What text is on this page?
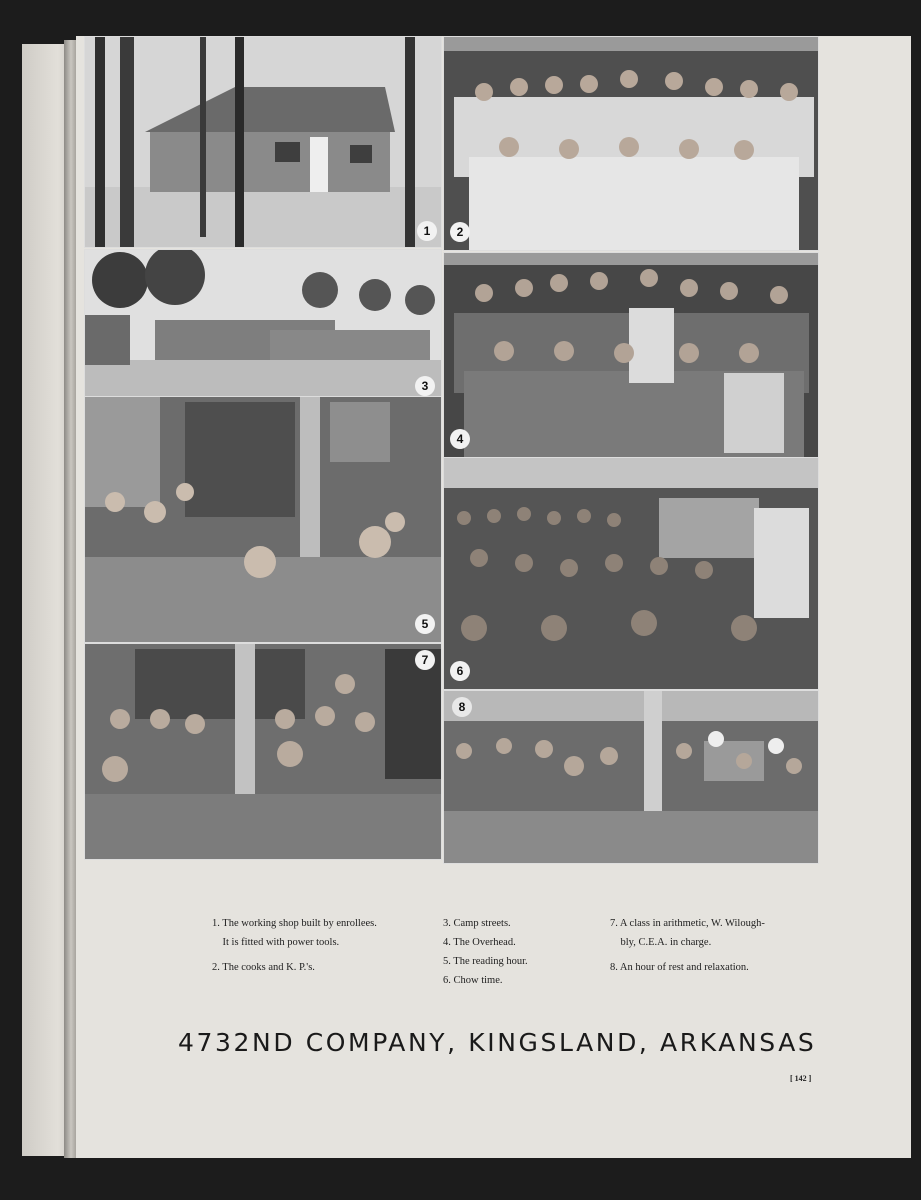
1	2
3
4
5
6
7
8
1. The working shop built by enrollees.
It is fitted with power tools.
2. The cooks and K. P.'s.
3. Camp streets.
4. The Overhead.
5. The reading hour.
6. Chow time.
7. A class in arithmetic, W. Wilough-
bly, C.E.A. in charge.
8. An hour of rest and relaxation.
4732ND COMPANY, KINGSLAND, ARKANSAS
[ 142 ]
